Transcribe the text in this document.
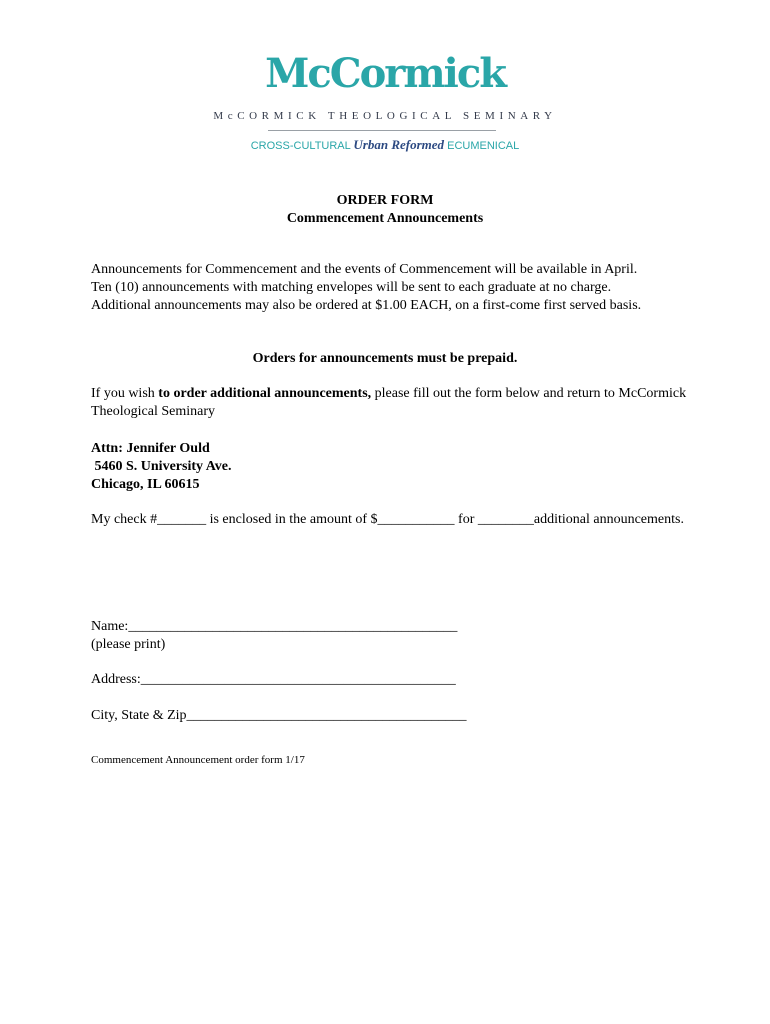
McCormick
McCORMICK THEOLOGICAL SEMINARY
CROSS-CULTURAL Urban Reformed ECUMENICAL
ORDER FORM
Commencement Announcements
Announcements for Commencement and the events of Commencement will be available in April. Ten (10) announcements with matching envelopes will be sent to each graduate at no charge. Additional announcements may also be ordered at $1.00 EACH, on a first-come first served basis.
Orders for announcements must be prepaid.
If you wish to order additional announcements, please fill out the form below and return to McCormick Theological Seminary
Attn: Jennifer Ould
5460 S. University Ave.
Chicago, IL 60615
My check #_______ is enclosed in the amount of $___________ for ________additional announcements.
Name:_______________________________________________
(please print)
Address:_____________________________________________
City, State & Zip________________________________________
Commencement Announcement order form 1/17
